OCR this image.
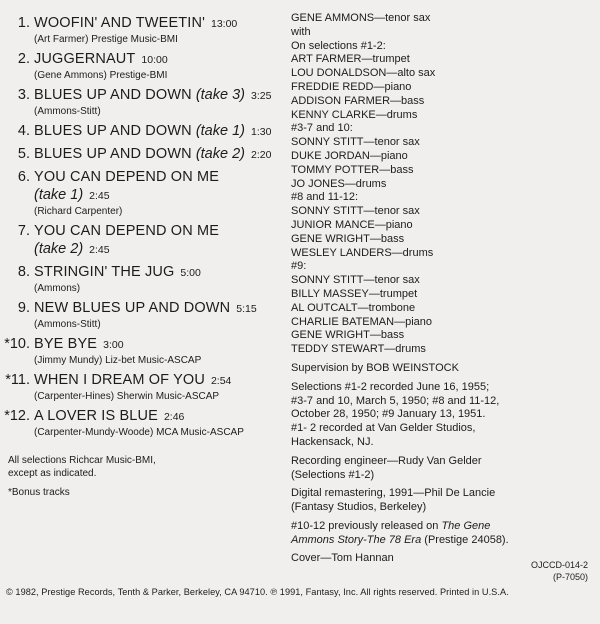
1. WOOFIN' AND TWEETIN' 13:00
(Art Farmer) Prestige Music-BMI
2. JUGGERNAUT 10:00
(Gene Ammons) Prestige-BMI
3. BLUES UP AND DOWN (take 3) 3:25
(Ammons-Stitt)
4. BLUES UP AND DOWN (take 1) 1:30
5. BLUES UP AND DOWN (take 2) 2:20
6. YOU CAN DEPEND ON ME
(take 1) 2:45
(Richard Carpenter)
7. YOU CAN DEPEND ON ME
(take 2) 2:45
8. STRINGIN' THE JUG 5:00
(Ammons)
9. NEW BLUES UP AND DOWN 5:15
(Ammons-Stitt)
*10. BYE BYE 3:00
(Jimmy Mundy) Liz-bet Music-ASCAP
*11. WHEN I DREAM OF YOU 2:54
(Carpenter-Hines) Sherwin Music-ASCAP
*12. A LOVER IS BLUE 2:46
(Carpenter-Mundy-Woode) MCA Music-ASCAP
All selections Richcar Music-BMI,
except as indicated.
*Bonus tracks
GENE AMMONS—tenor sax
with
On selections #1-2:
ART FARMER—trumpet
LOU DONALDSON—alto sax
FREDDIE REDD—piano
ADDISON FARMER—bass
KENNY CLARKE—drums
#3-7 and 10:
SONNY STITT—tenor sax
DUKE JORDAN—piano
TOMMY POTTER—bass
JO JONES—drums
#8 and 11-12:
SONNY STITT—tenor sax
JUNIOR MANCE—piano
GENE WRIGHT—bass
WESLEY LANDERS—drums
#9:
SONNY STITT—tenor sax
BILLY MASSEY—trumpet
AL OUTCALT—trombone
CHARLIE BATEMAN—piano
GENE WRIGHT—bass
TEDDY STEWART—drums
Supervision by BOB WEINSTOCK
Selections #1-2 recorded June 16, 1955;
#3-7 and 10, March 5, 1950; #8 and 11-12,
October 28, 1950; #9 January 13, 1951.
#1- 2 recorded at Van Gelder Studios,
Hackensack, NJ.
Recording engineer—Rudy Van Gelder
(Selections #1-2)
Digital remastering, 1991—Phil De Lancie
(Fantasy Studios, Berkeley)
#10-12 previously released on The Gene
Ammons Story-The 78 Era (Prestige 24058).
Cover—Tom Hannan
OJCCD-014-2
(P-7050)
© 1982, Prestige Records, Tenth & Parker, Berkeley, CA 94710. ℗ 1991, Fantasy, Inc. All rights reserved. Printed in U.S.A.
